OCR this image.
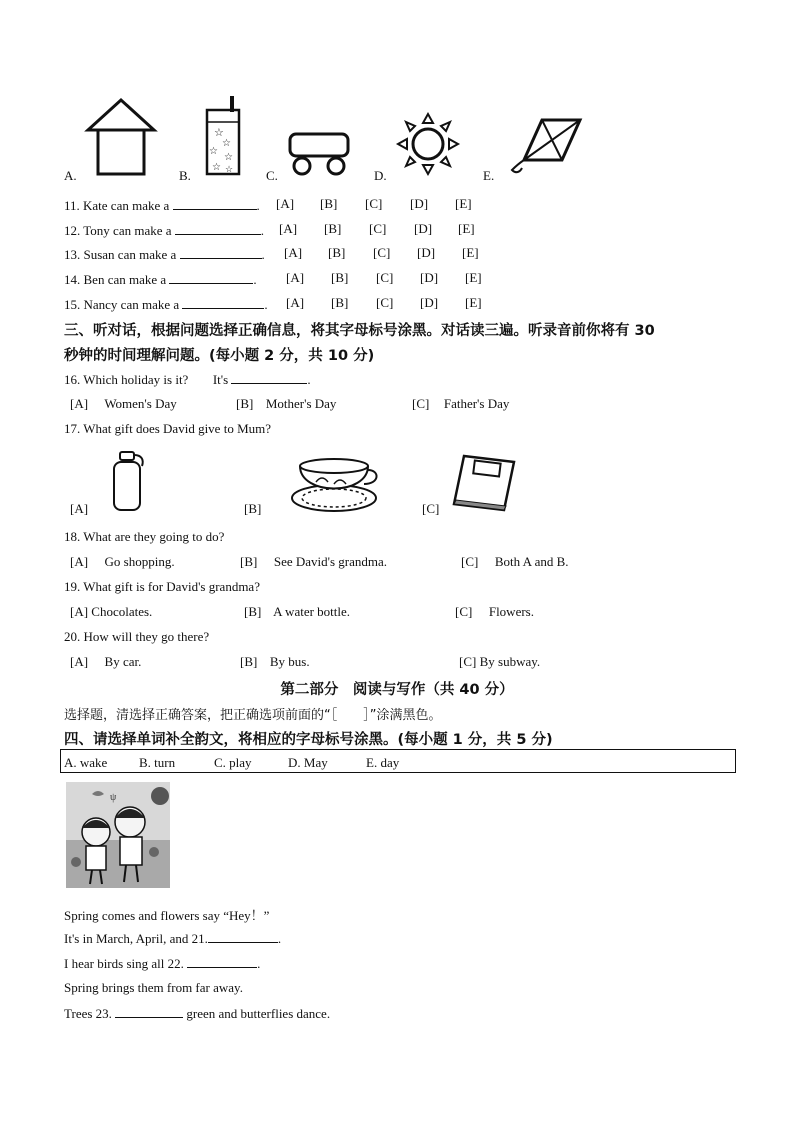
☆
☆
☆
☆
☆ ☆
A.	B.	C.	D.	E.
11. Kate can make a	. [A] [B] [C] [D] [E]
12. Tony can make a	. [A] [B] [C] [D] [E]
13. Susan can make a	. [A] [B] [C] [D] [E]
14. Ben can make a	. [A] [B] [C] [D] [E]
15. Nancy can make a	. [A] [B] [C] [D] [E]
三、听对话，根据问题选择正确信息，将其字母标号涂黑。对话读三遍。听录音前你将有 30
秒钟的时间理解问题。(每小题 2 分，共 10 分)
16. Which holiday is it? It's	.
[A] Women's Day	[B] Mother's Day	[C] Father's Day
17. What gift does David give to Mum?
[A]	[B]	[C]
18. What are they going to do?
[A] Go shopping.	[B] See David's grandma.	[C] Both A and B.
19. What gift is for David's grandma?
[A] Chocolates.	[B] A water bottle.	[C] Flowers.
20. How will they go there?
[A] By car.	[B] By bus.	[C] By subway.
第二部分　阅读与写作（共 40 分）
选择题，清选择正确答案，把正确选项前面的“［　　］”涂满黑色。
四、请选择单词补全韵文，将相应的字母标号涂黑。(每小题 1 分，共 5 分)
A. wake B. turn	C. play	D. May	E. day
ψ
Spring comes and flowers say “Hey！”
It's in March, April, and 21.	.
I hear birds sing all 22.	.
Spring brings them from far away.
Trees 23.	green and butterflies dance.
